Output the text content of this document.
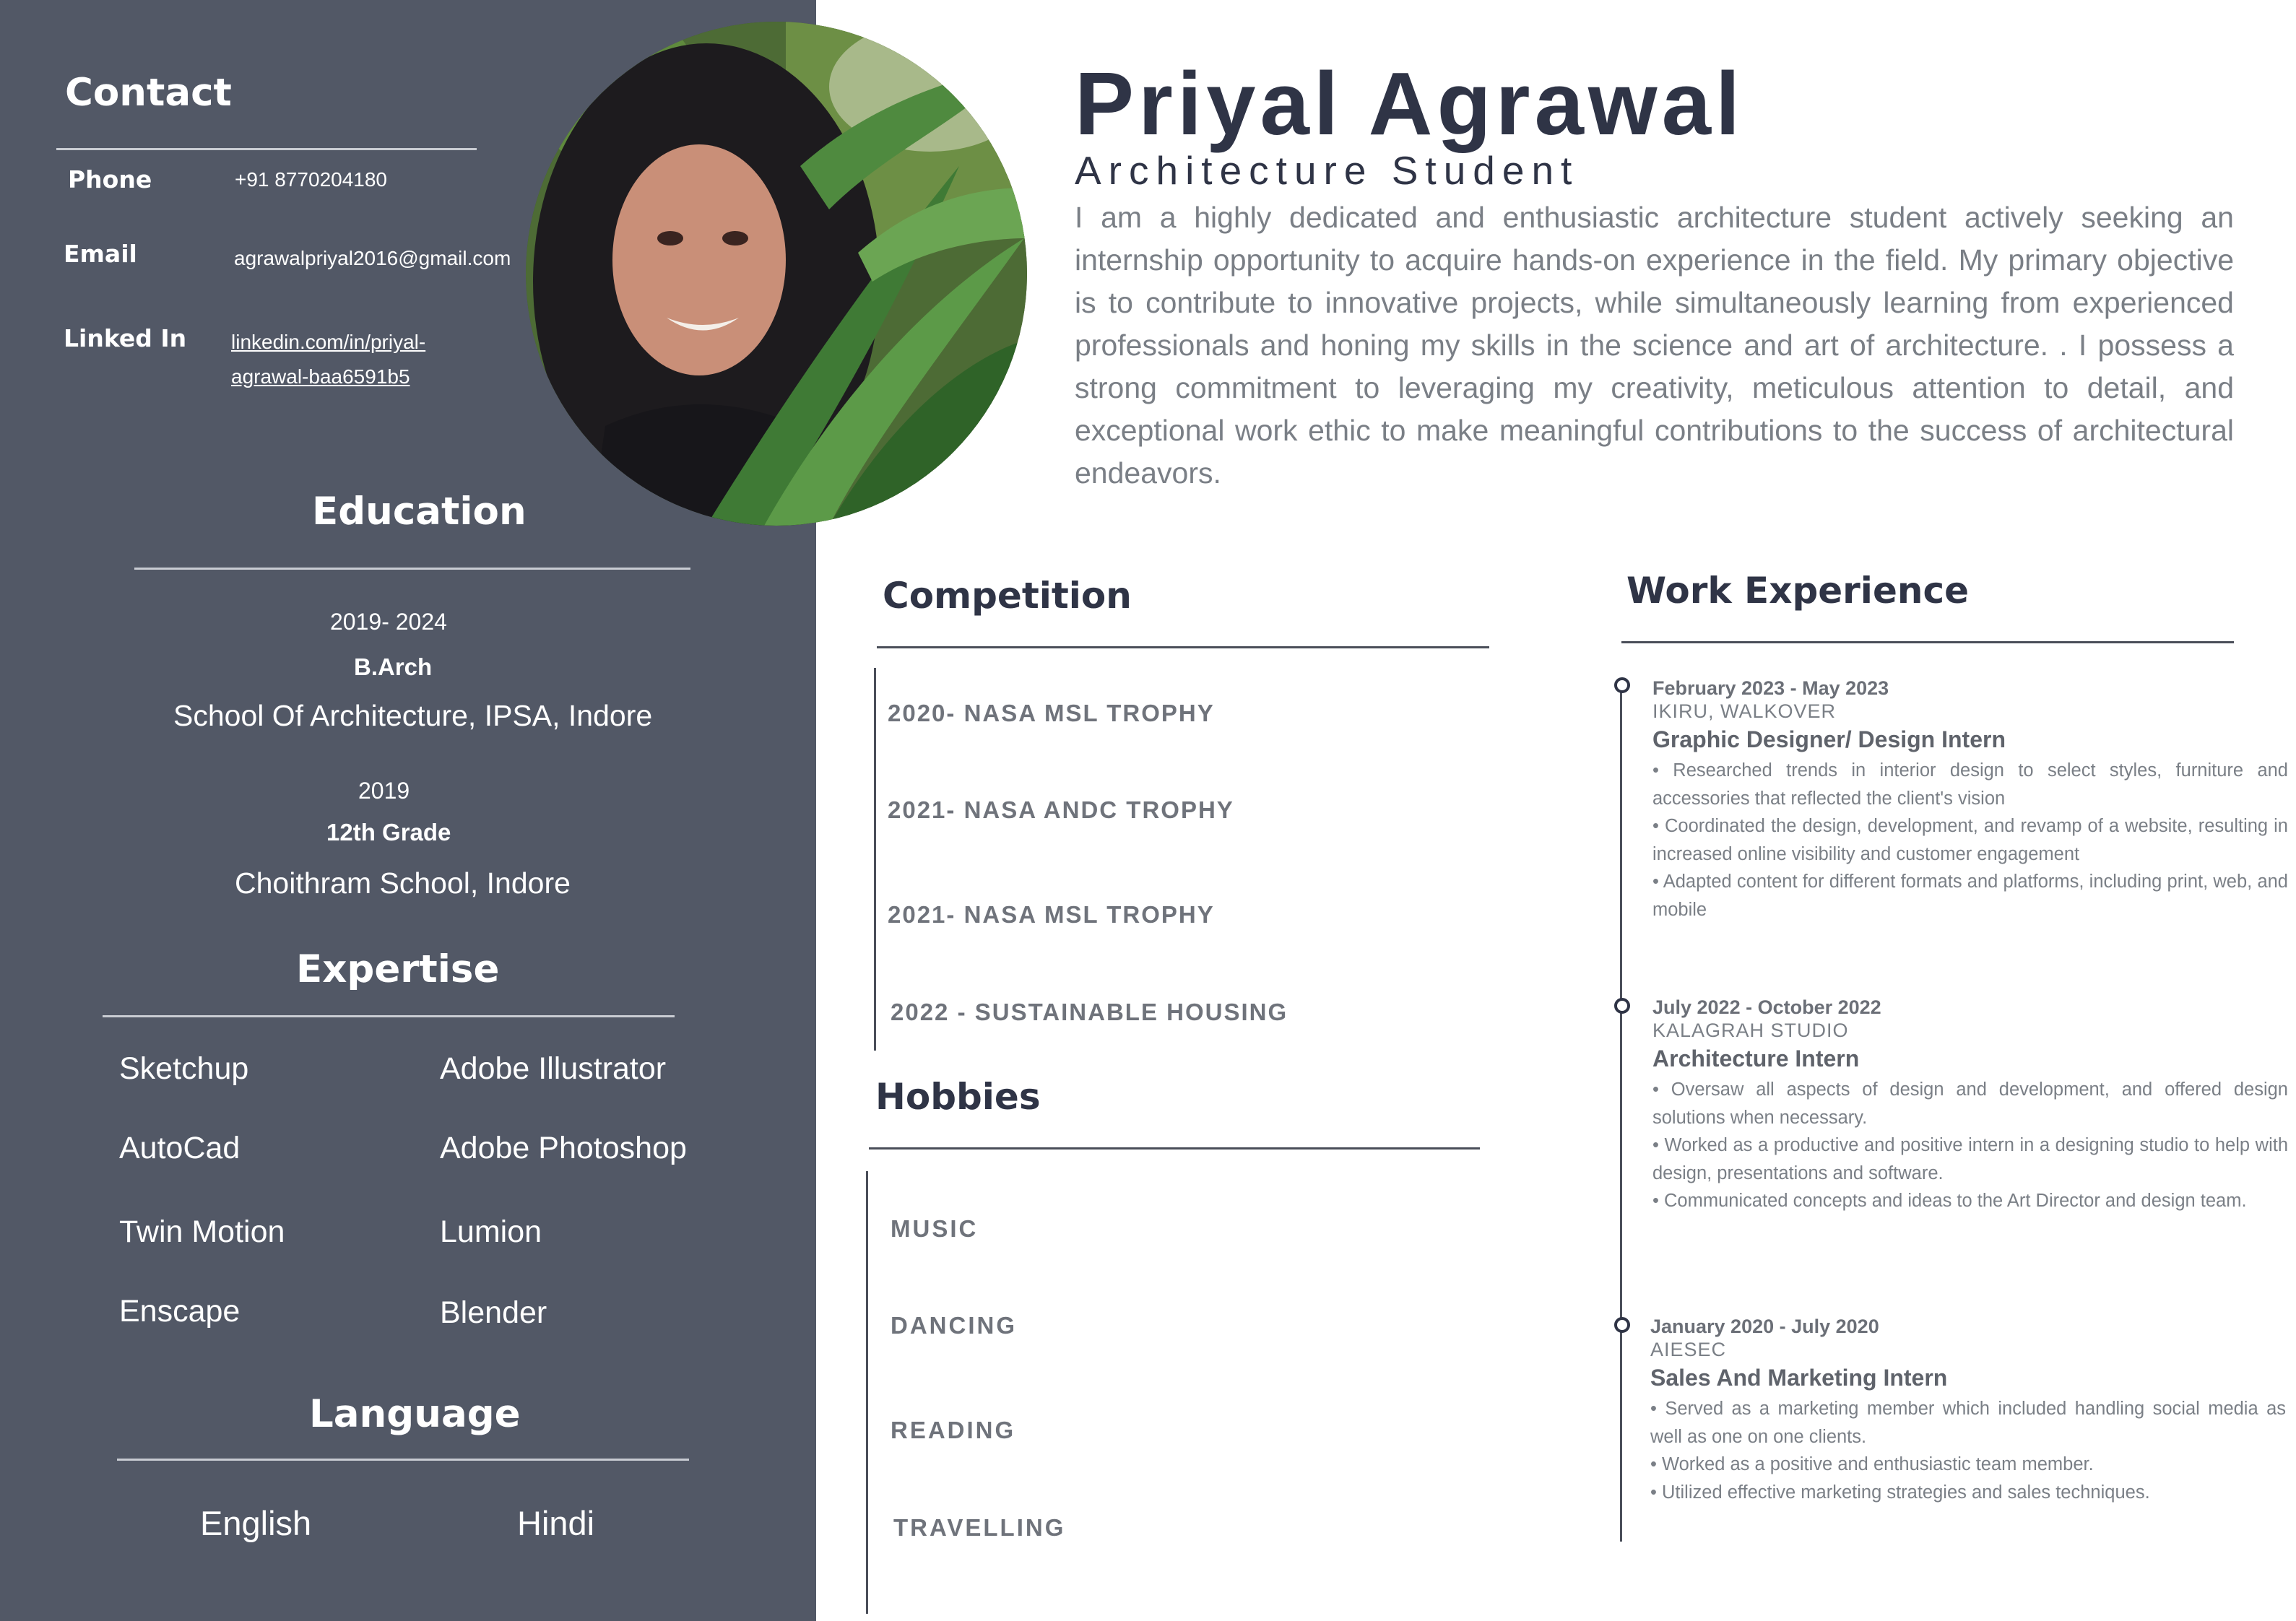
Contact
Phone	+91 8770204180
Email	agrawalpriyal2016@gmail.com
Linked In linkedin.com/in/priyal-
agrawal-baa6591b5
Education
2019- 2024
B.Arch
School Of Architecture, IPSA, Indore
2019
12th Grade
Choithram School, Indore
Expertise
Sketchup	Adobe Illustrator
AutoCad	Adobe Photoshop
Twin Motion	Lumion
Enscape	Blender
Language
English	Hindi
Priyal Agrawal
Architecture Student
I am a highly dedicated and enthusiastic architecture student actively seeking an internship opportunity to acquire hands-on experience in the field. My primary objective is to contribute to innovative projects, while simultaneously learning from experienced professionals and honing my skills in the science and art of architecture. . I possess a strong commitment to leveraging my creativity, meticulous attention to detail, and exceptional work ethic to make meaningful contributions to the success of architectural endeavors.
Competition
2020- NASA MSL TROPHY
2021- NASA ANDC TROPHY
2021- NASA MSL TROPHY
2022 - SUSTAINABLE HOUSING
Hobbies
MUSIC
DANCING
READING
TRAVELLING
Work Experience
February 2023 - May 2023
IKIRU, WALKOVER
Graphic Designer/ Design Intern
• Researched trends in interior design to select styles, furniture and accessories that reflected the client's vision
• Coordinated the design, development, and revamp of a website, resulting in increased online visibility and customer engagement
• Adapted content for different formats and platforms, including print, web, and mobile
July 2022 - October 2022
KALAGRAH STUDIO
Architecture Intern
• Oversaw all aspects of design and development, and offered design solutions when necessary.
• Worked as a productive and positive intern in a designing studio to help with design, presentations and software.
• Communicated concepts and ideas to the Art Director and design team.
January 2020 - July 2020
AIESEC
Sales And Marketing Intern
• Served as a marketing member which included handling social media as well as one on one clients.
• Worked as a positive and enthusiastic team member.
• Utilized effective marketing strategies and sales techniques.
